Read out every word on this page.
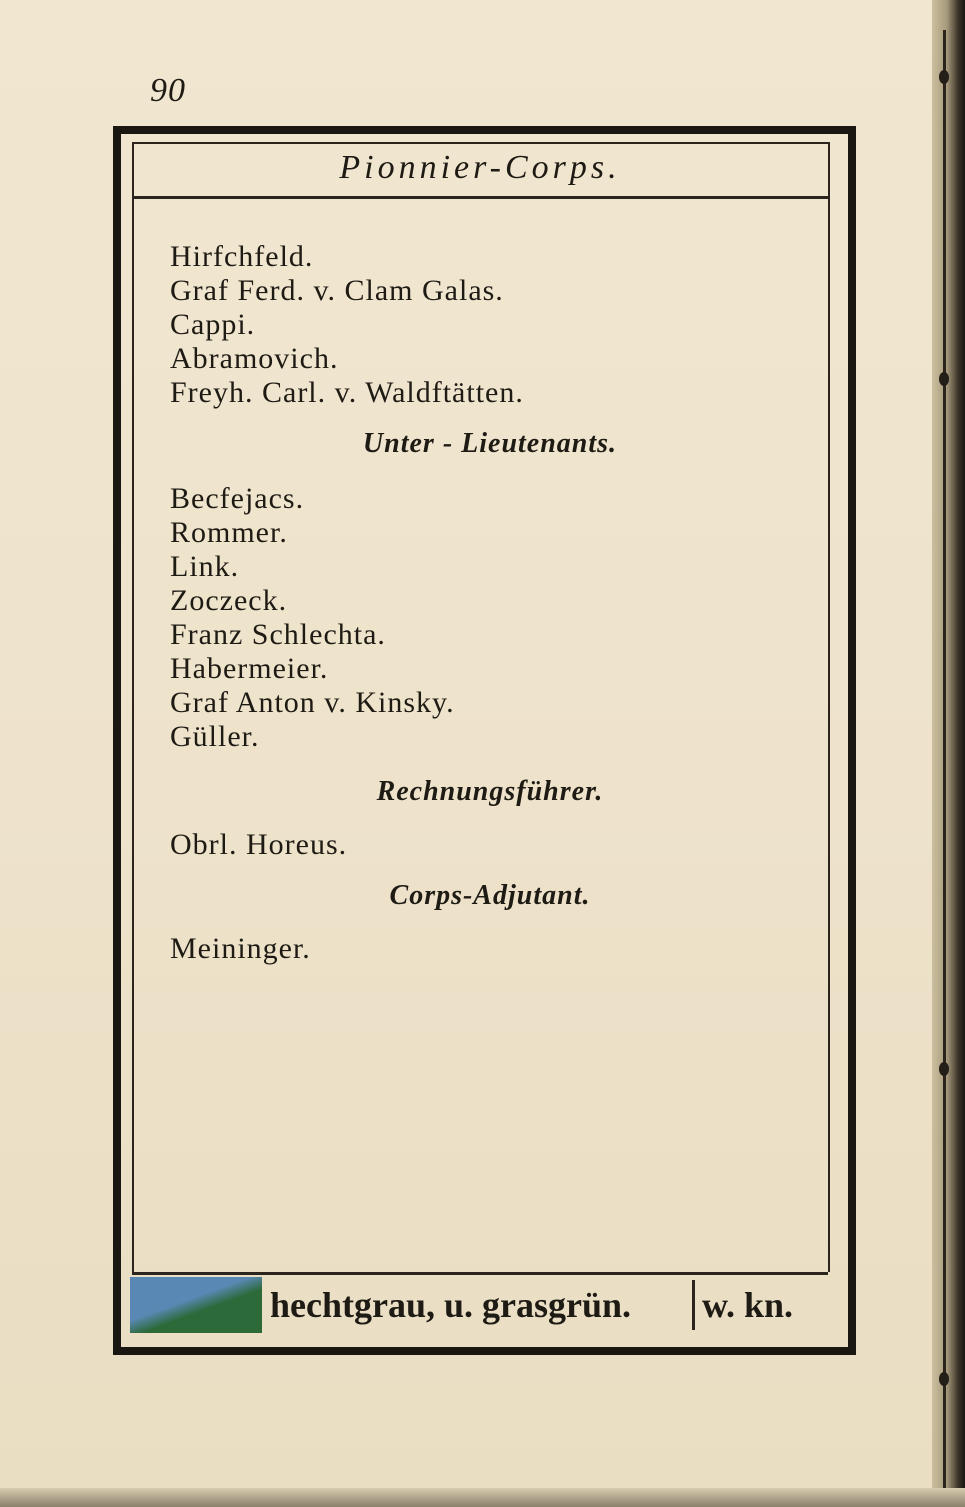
90
Pionnier-Corps.
Hirfchfeld.
Graf Ferd. v. Clam Galas.
Cappi.
Abramovich.
Freyh. Carl. v. Waldftätten.
Unter - Lieutenants.
Becfejacs.
Rommer.
Link.
Zoczeck.
Franz Schlechta.
Habermeier.
Graf Anton v. Kinsky.
Güller.
Rechnungsführer.
Obrl. Horeus.
Corps-Adjutant.
Meininger.
hechtgrau, u. grasgrün. w. kn.
